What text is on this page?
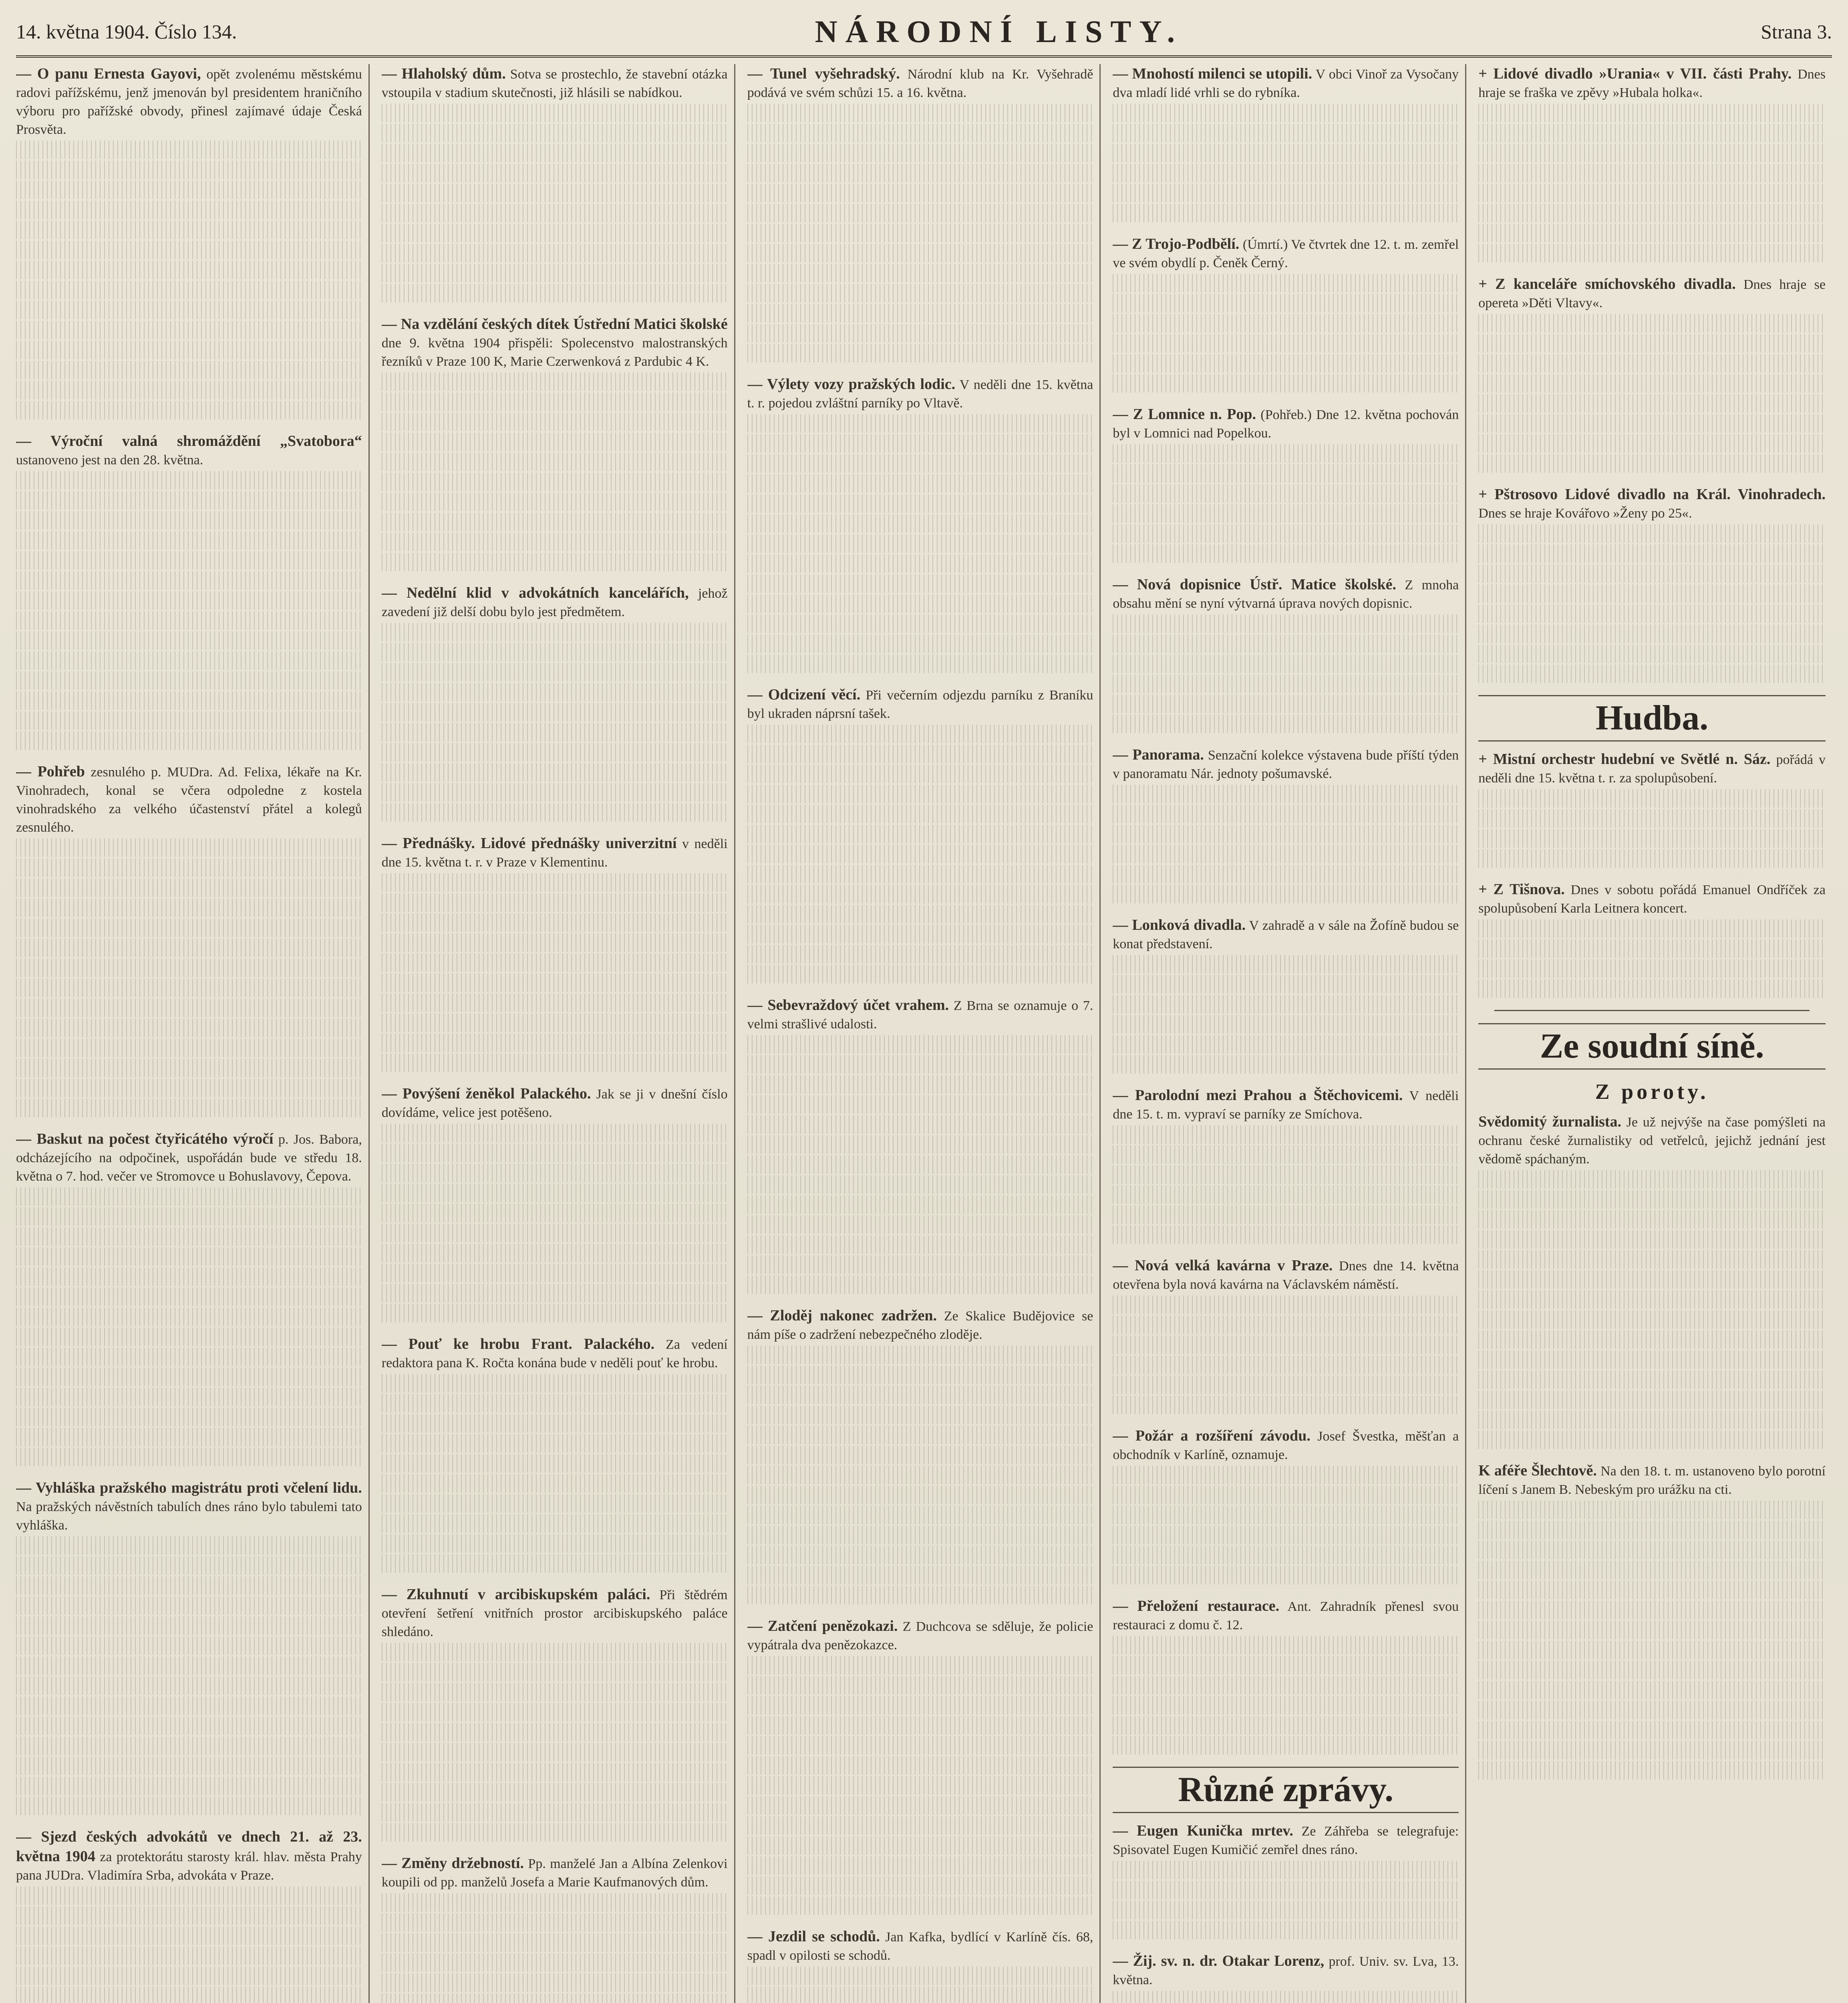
14. května 1904. Číslo 134.	NÁRODNÍ LISTY.	Strana 3.
— O panu Ernesta Gayovi, opět zvolenému městskému radovi pařížskému, jenž jmenován byl presidentem hraničního výboru pro pařížské obvody, přinesl zajímavé údaje Česká Prosvěta.
— Výroční valná shromáždění „Svatobora“ ustanoveno jest na den 28. května.
— Pohřeb zesnulého p. MUDra. Ad. Felixa, lékaře na Kr. Vinohradech, konal se včera odpoledne z kostela vinohradského za velkého účastenství přátel a kolegů zesnulého.
— Baskut na počest čtyřicátého výročí p. Jos. Babora, odcházejícího na odpočinek, uspořádán bude ve středu 18. května o 7. hod. večer ve Stromovce u Bohuslavovy, Čepova.
— Vyhláška pražského magistrátu proti včelení lidu. Na pražských návěstních tabulích dnes ráno bylo tabulemi tato vyhláška.
— Sjezd českých advokátů ve dnech 21. až 23. května 1904 za protektorátu starosty král. hlav. města Prahy pana JUDra. Vladimíra Srba, advokáta v Praze.
— Hlaholský dům. Sotva se prostechlo, že stavební otázka vstoupila v stadium skutečnosti, již hlásili se nabídkou.
— Na vzdělání českých dítek Ústřední Matici školské dne 9. května 1904 přispěli: Spolecenstvo malostranských řezníků v Praze 100 K, Marie Czerwenková z Pardubic 4 K.
— Nedělní klid v advokátních kancelářích, jehož zavedení již delší dobu bylo jest předmětem.
— Přednášky. Lidové přednášky univerzitní v neděli dne 15. května t. r. v Praze v Klementinu.
— Povýšení ženěkol Palackého. Jak se ji v dnešní číslo dovídáme, velice jest potěšeno.
— Pouť ke hrobu Frant. Palackého. Za vedení redaktora pana K. Ročta konána bude v neděli pouť ke hrobu.
— Zkuhnutí v arcibiskupském paláci. Při štědrém otevření šetření vnitřních prostor arcibiskupského paláce shledáno.
— Změny držebností. Pp. manželé Jan a Albína Zelenkovi koupili od pp. manželů Josefa a Marie Kaufmanových dům.
— Tunel vyšehradský. Národní klub na Kr. Vyšehradě podává ve svém schůzi 15. a 16. května.
— Výlety vozy pražských lodic. V neděli dne 15. května t. r. pojedou zvláštní parníky po Vltavě.
— Odcizení věcí. Při večerním odjezdu parníku z Braníku byl ukraden náprsní tašek.
— Sebevraždový účet vrahem. Z Brna se oznamuje o 7. velmi strašlivé udalosti.
— Zloděj nakonec zadržen. Ze Skalice Budějovice se nám píše o zadržení nebezpečného zloděje.
— Zatčení penězokazi. Z Duchcova se sděluje, že policie vypátrala dva penězokazce.
— Jezdil se schodů. Jan Kafka, bydlící v Karlíně čís. 68, spadl v opilosti se schodů.
— Mnohostí milenci se utopili. V obci Vinoř za Vysočany dva mladí lidé vrhli se do rybníka.
— Z Trojo-Podbělí. (Úmrtí.) Ve čtvrtek dne 12. t. m. zemřel ve svém obydlí p. Čeněk Černý.
— Z Lomnice n. Pop. (Pohřeb.) Dne 12. května pochován byl v Lomnici nad Popelkou.
— Nová dopisnice Ústř. Matice školské. Z mnoha obsahu mění se nyní výtvarná úprava nových dopisnic.
— Panorama. Senzační kolekce výstavena bude příští týden v panoramatu Nár. jednoty pošumavské.
— Lonková divadla. V zahradě a v sále na Žofíně budou se konat představení.
— Parolodní mezi Prahou a Štěchovicemi. V neděli dne 15. t. m. vypraví se parníky ze Smíchova.
— Nová velká kavárna v Praze. Dnes dne 14. května otevřena byla nová kavárna na Václavském náměstí.
— Požár a rozšíření závodu. Josef Švestka, měšťan a obchodník v Karlíně, oznamuje.
— Přeložení restaurace. Ant. Zahradník přenesl svou restauraci z domu č. 12.
Různé zprávy.
— Eugen Kunička mrtev. Ze Záhřeba se telegrafuje: Spisovatel Eugen Kumičić zemřel dnes ráno.
— Žij. sv. n. dr. Otakar Lorenz, prof. Univ. sv. Lva, 13. května.
+ Lidové divadlo »Urania« v VII. části Prahy. Dnes hraje se fraška ve zpěvy »Hubala holka«.
+ Z kanceláře smíchovského divadla. Dnes hraje se opereta »Děti Vltavy«.
+ Pštrosovo Lidové divadlo na Král. Vinohradech. Dnes se hraje Kovářovo »Ženy po 25«.
Hudba.
+ Mistní orchestr hudební ve Světlé n. Sáz. pořádá v neděli dne 15. května t. r. za spolupůsobení.
+ Z Tišnova. Dnes v sobotu pořádá Emanuel Ondříček za spolupůsobení Karla Leitnera koncert.
Ze soudní síně.
Z poroty.
Svědomitý žurnalista. Je už nejvýše na čase pomýšleti na ochranu české žurnalistiky od vetřelců, jejichž jednání jest vědomě spáchaným.
K aféře Šlechtově. Na den 18. t. m. ustanoveno bylo porotní líčení s Janem B. Nebeským pro urážku na cti.
